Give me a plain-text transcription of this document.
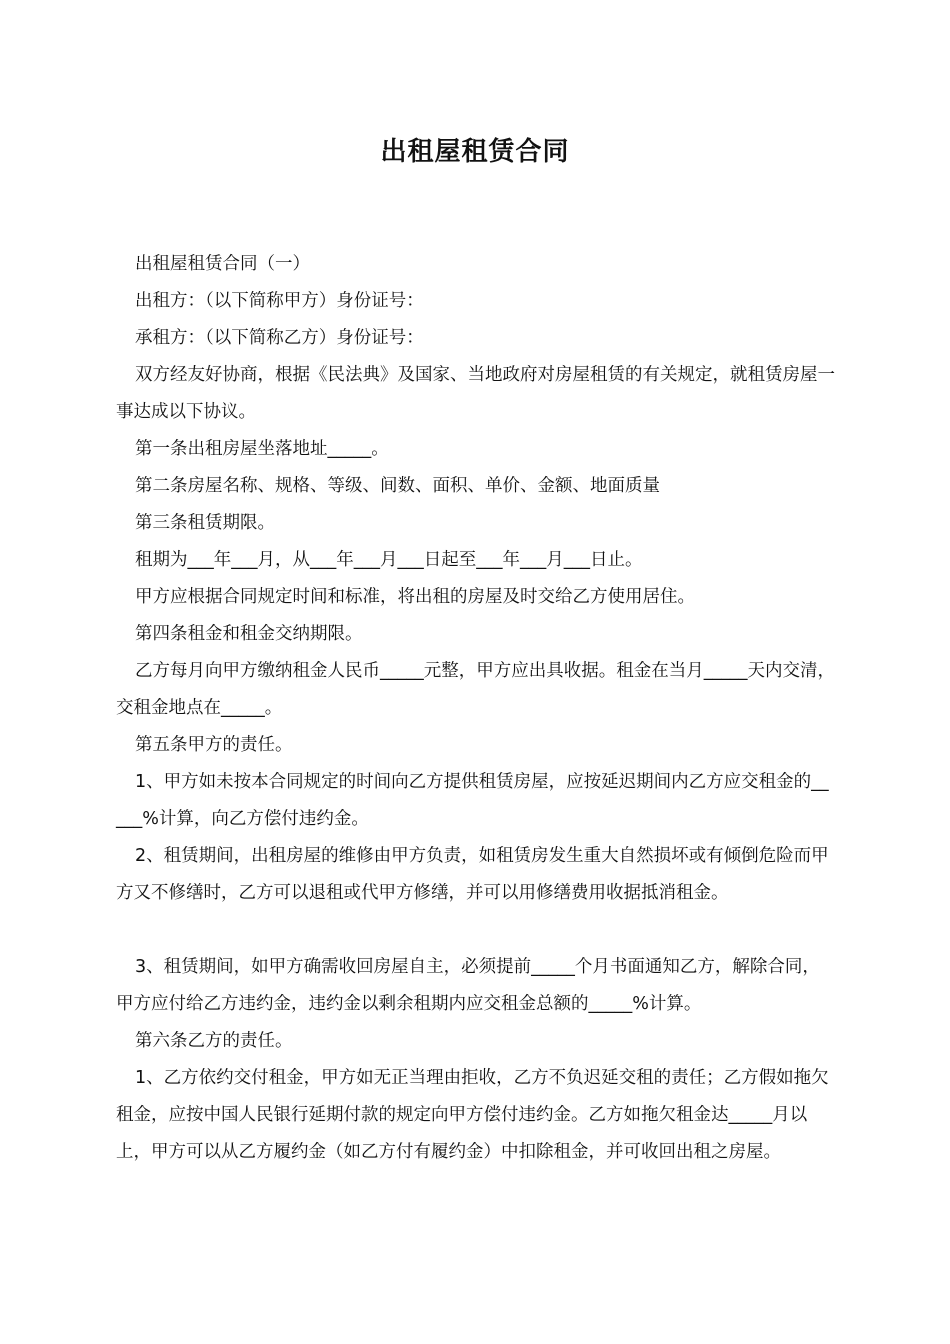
出租屋租赁合同

出租屋租赁合同（一）

出租方：（以下简称甲方）身份证号：

承租方：（以下简称乙方）身份证号：

双方经友好协商，根据《民法典》及国家、当地政府对房屋租赁的有关规定，就租赁房屋一事达成以下协议。

第一条出租房屋坐落地址_____。

第二条房屋名称、规格、等级、间数、面积、单价、金额、地面质量

第三条租赁期限。

租期为___年___月，从___年___月___日起至___年___月___日止。

甲方应根据合同规定时间和标准，将出租的房屋及时交给乙方使用居住。

第四条租金和租金交纳期限。

乙方每月向甲方缴纳租金人民币_____元整，甲方应出具收据。租金在当月_____天内交清，交租金地点在_____。

第五条甲方的责任。

1、甲方如未按本合同规定的时间向乙方提供租赁房屋，应按延迟期间内乙方应交租金的_____%计算，向乙方偿付违约金。

2、租赁期间，出租房屋的维修由甲方负责，如租赁房发生重大自然损坏或有倾倒危险而甲方又不修缮时，乙方可以退租或代甲方修缮，并可以用修缮费用收据抵消租金。

3、租赁期间，如甲方确需收回房屋自主，必须提前_____个月书面通知乙方，解除合同，甲方应付给乙方违约金，违约金以剩余租期内应交租金总额的_____%计算。

第六条乙方的责任。

1、乙方依约交付租金，甲方如无正当理由拒收，乙方不负迟延交租的责任；乙方假如拖欠租金，应按中国人民银行延期付款的规定向甲方偿付违约金。乙方如拖欠租金达_____月以上，甲方可以从乙方履约金（如乙方付有履约金）中扣除租金，并可收回出租之房屋。
